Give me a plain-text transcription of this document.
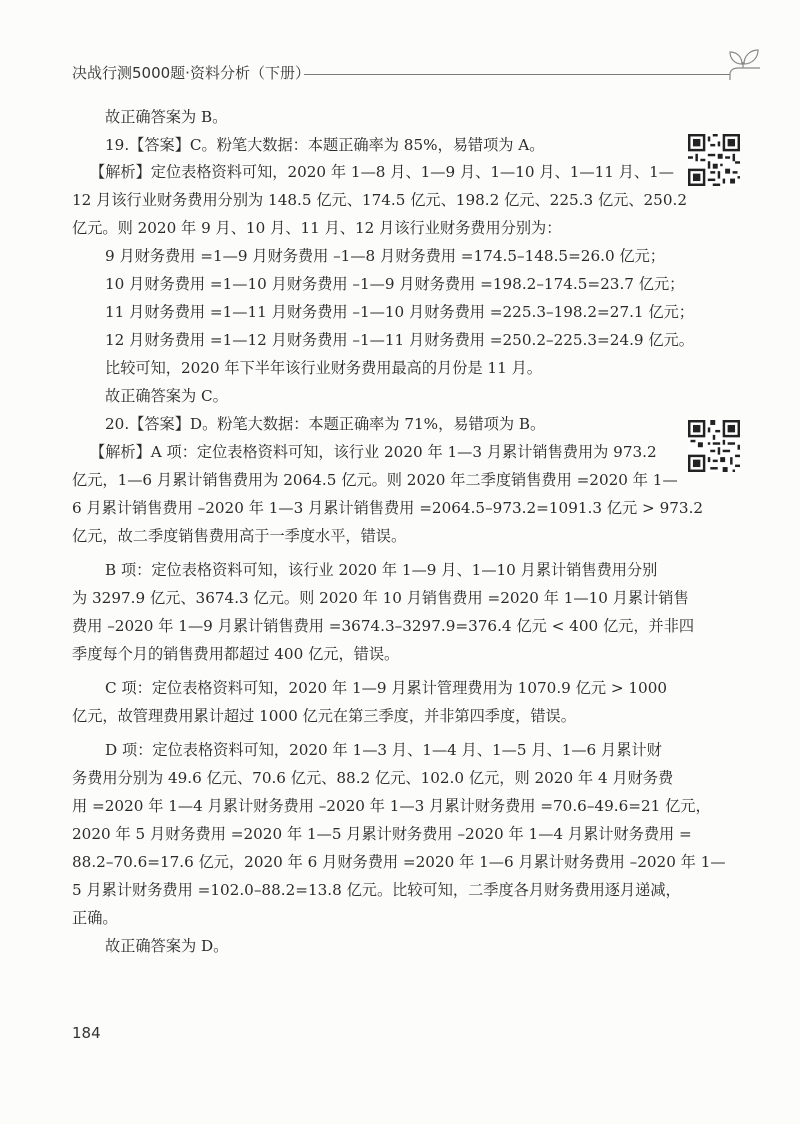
决战行测5000题·资料分析（下册）
故正确答案为 B。
19.【答案】C。粉笔大数据：本题正确率为 85%，易错项为 A。
【解析】定位表格资料可知，2020 年 1—8 月、1—9 月、1—10 月、1—11 月、1—
12 月该行业财务费用分别为 148.5 亿元、174.5 亿元、198.2 亿元、225.3 亿元、250.2
亿元。则 2020 年 9 月、10 月、11 月、12 月该行业财务费用分别为：
9 月财务费用 =1—9 月财务费用 –1—8 月财务费用 =174.5–148.5=26.0 亿元；
10 月财务费用 =1—10 月财务费用 –1—9 月财务费用 =198.2–174.5=23.7 亿元；
11 月财务费用 =1—11 月财务费用 –1—10 月财务费用 =225.3–198.2=27.1 亿元；
12 月财务费用 =1—12 月财务费用 –1—11 月财务费用 =250.2–225.3=24.9 亿元。
比较可知，2020 年下半年该行业财务费用最高的月份是 11 月。
故正确答案为 C。
20.【答案】D。粉笔大数据：本题正确率为 71%，易错项为 B。
【解析】A 项：定位表格资料可知，该行业 2020 年 1—3 月累计销售费用为 973.2
亿元，1—6 月累计销售费用为 2064.5 亿元。则 2020 年二季度销售费用 =2020 年 1—
6 月累计销售费用 –2020 年 1—3 月累计销售费用 =2064.5–973.2=1091.3 亿元 > 973.2
亿元，故二季度销售费用高于一季度水平，错误。
B 项：定位表格资料可知，该行业 2020 年 1—9 月、1—10 月累计销售费用分别
为 3297.9 亿元、3674.3 亿元。则 2020 年 10 月销售费用 =2020 年 1—10 月累计销售
费用 –2020 年 1—9 月累计销售费用 =3674.3–3297.9=376.4 亿元 < 400 亿元，并非四
季度每个月的销售费用都超过 400 亿元，错误。
C 项：定位表格资料可知，2020 年 1—9 月累计管理费用为 1070.9 亿元 > 1000
亿元，故管理费用累计超过 1000 亿元在第三季度，并非第四季度，错误。
D 项：定位表格资料可知，2020 年 1—3 月、1—4 月、1—5 月、1—6 月累计财
务费用分别为 49.6 亿元、70.6 亿元、88.2 亿元、102.0 亿元，则 2020 年 4 月财务费
用 =2020 年 1—4 月累计财务费用 –2020 年 1—3 月累计财务费用 =70.6–49.6=21 亿元，
2020 年 5 月财务费用 =2020 年 1—5 月累计财务费用 –2020 年 1—4 月累计财务费用 =
88.2–70.6=17.6 亿元，2020 年 6 月财务费用 =2020 年 1—6 月累计财务费用 –2020 年 1—
5 月累计财务费用 =102.0–88.2=13.8 亿元。比较可知，二季度各月财务费用逐月递减，
正确。
故正确答案为 D。
184
